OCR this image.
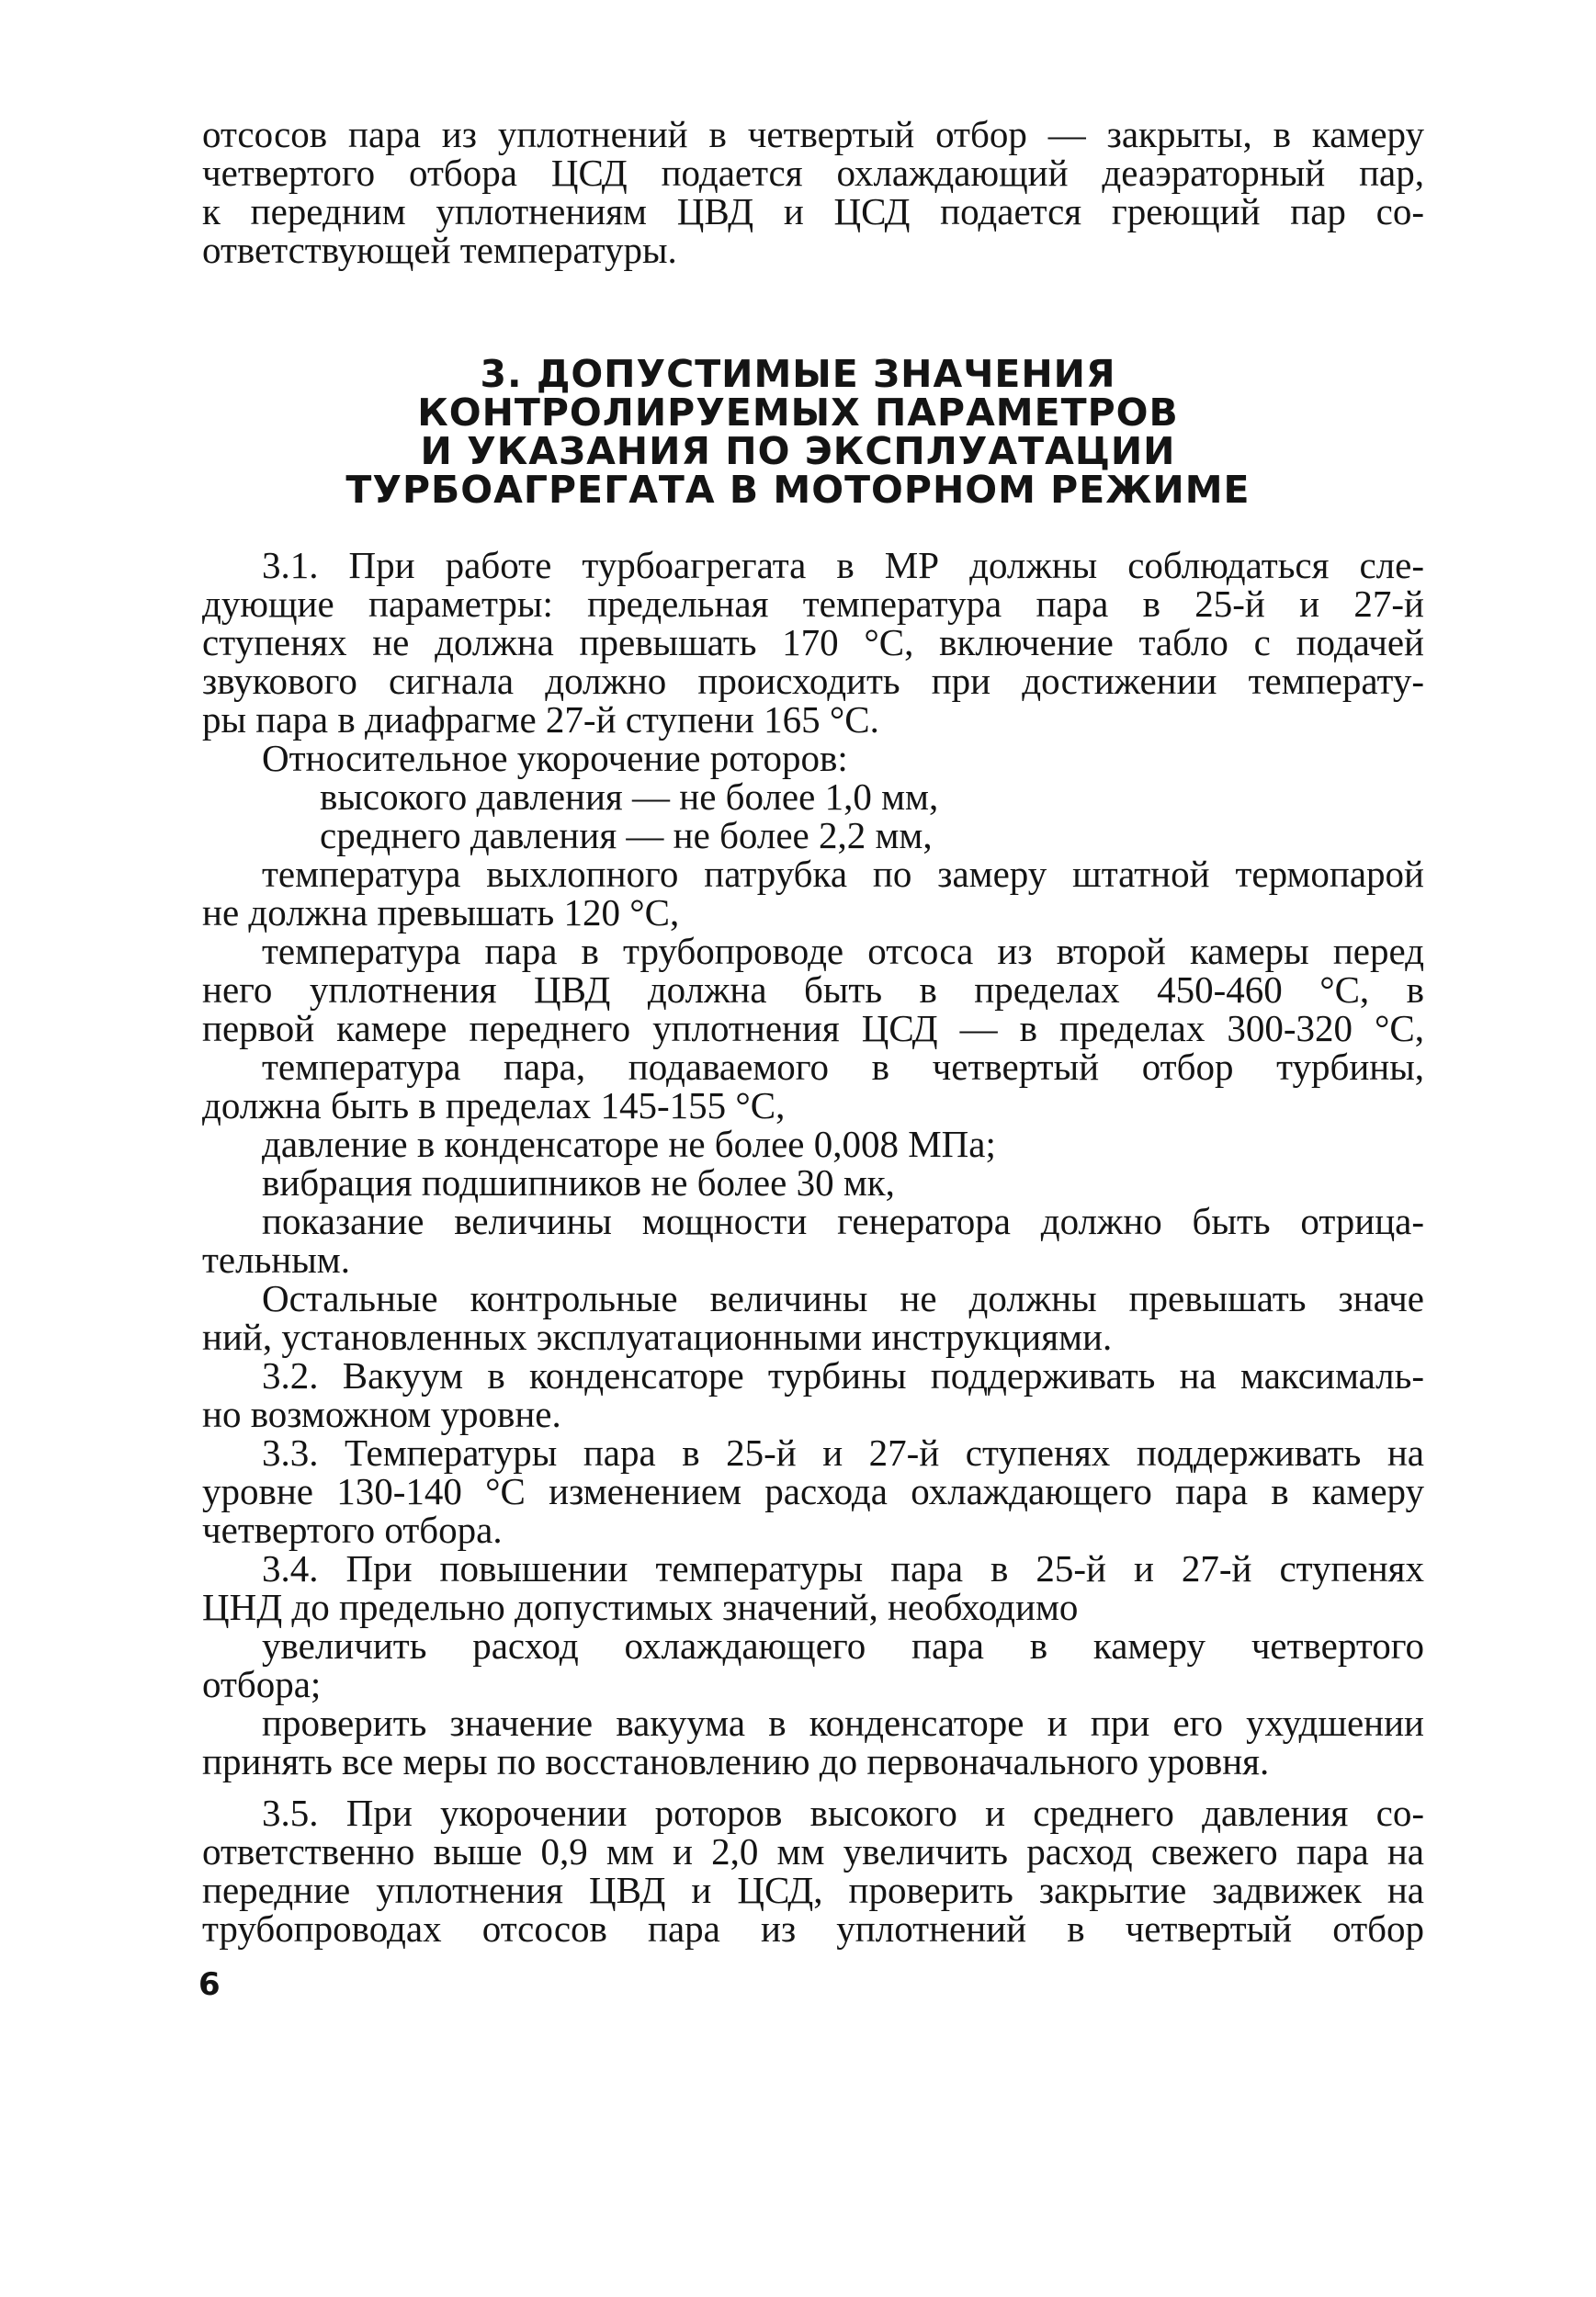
отсосов пара из уплотнений в четвертый отбор — закрыты, в камеру
четвертого отбора ЦСД подается охлаждающий деаэраторный пар,
к передним уплотнениям ЦВД и ЦСД подается греющий пар со-
ответствующей температуры.
3. ДОПУСТИМЫЕ ЗНАЧЕНИЯ
КОНТРОЛИРУЕМЫХ ПАРАМЕТРОВ
И УКАЗАНИЯ ПО ЭКСПЛУАТАЦИИ
ТУРБОАГРЕГАТА В МОТОРНОМ РЕЖИМЕ
3.1. При работе турбоагрегата в МР должны соблюдаться сле-
дующие параметры: предельная температура пара в 25-й и 27-й
ступенях не должна превышать 170 °С, включение табло с подачей
звукового сигнала должно происходить при достижении температу-
ры пара в диафрагме 27-й ступени 165 °С.
Относительное укорочение роторов:
высокого давления — не более 1,0 мм,
среднего давления — не более 2,2 мм,
температура выхлопного патрубка по замеру штатной термопарой
не должна превышать 120 °С,
температура пара в трубопроводе отсоса из второй камеры перед
него уплотнения ЦВД должна быть в пределах 450-460 °С, в
первой камере переднего уплотнения ЦСД — в пределах 300-320 °С,
температура пара, подаваемого в четвертый отбор турбины,
должна быть в пределах 145-155 °С,
давление в конденсаторе не более 0,008 МПа;
вибрация подшипников не более 30 мк,
показание величины мощности генератора должно быть отрица-
тельным.
Остальные контрольные величины не должны превышать значе
ний, установленных эксплуатационными инструкциями.
3.2. Вакуум в конденсаторе турбины поддерживать на максималь-
но возможном уровне.
3.3. Температуры пара в 25-й и 27-й ступенях поддерживать на
уровне 130-140 °С изменением расхода охлаждающего пара в камеру
четвертого отбора.
3.4. При повышении температуры пара в 25-й и 27-й ступенях
ЦНД до предельно допустимых значений, необходимо
увеличить расход охлаждающего пара в камеру четвертого
отбора;
проверить значение вакуума в конденсаторе и при его ухудшении
принять все меры по восстановлению до первоначального уровня.
3.5. При укорочении роторов высокого и среднего давления со-
ответственно выше 0,9 мм и 2,0 мм увеличить расход свежего пара на
передние уплотнения ЦВД и ЦСД, проверить закрытие задвижек на
трубопроводах отсосов пара из уплотнений в четвертый отбор
6
